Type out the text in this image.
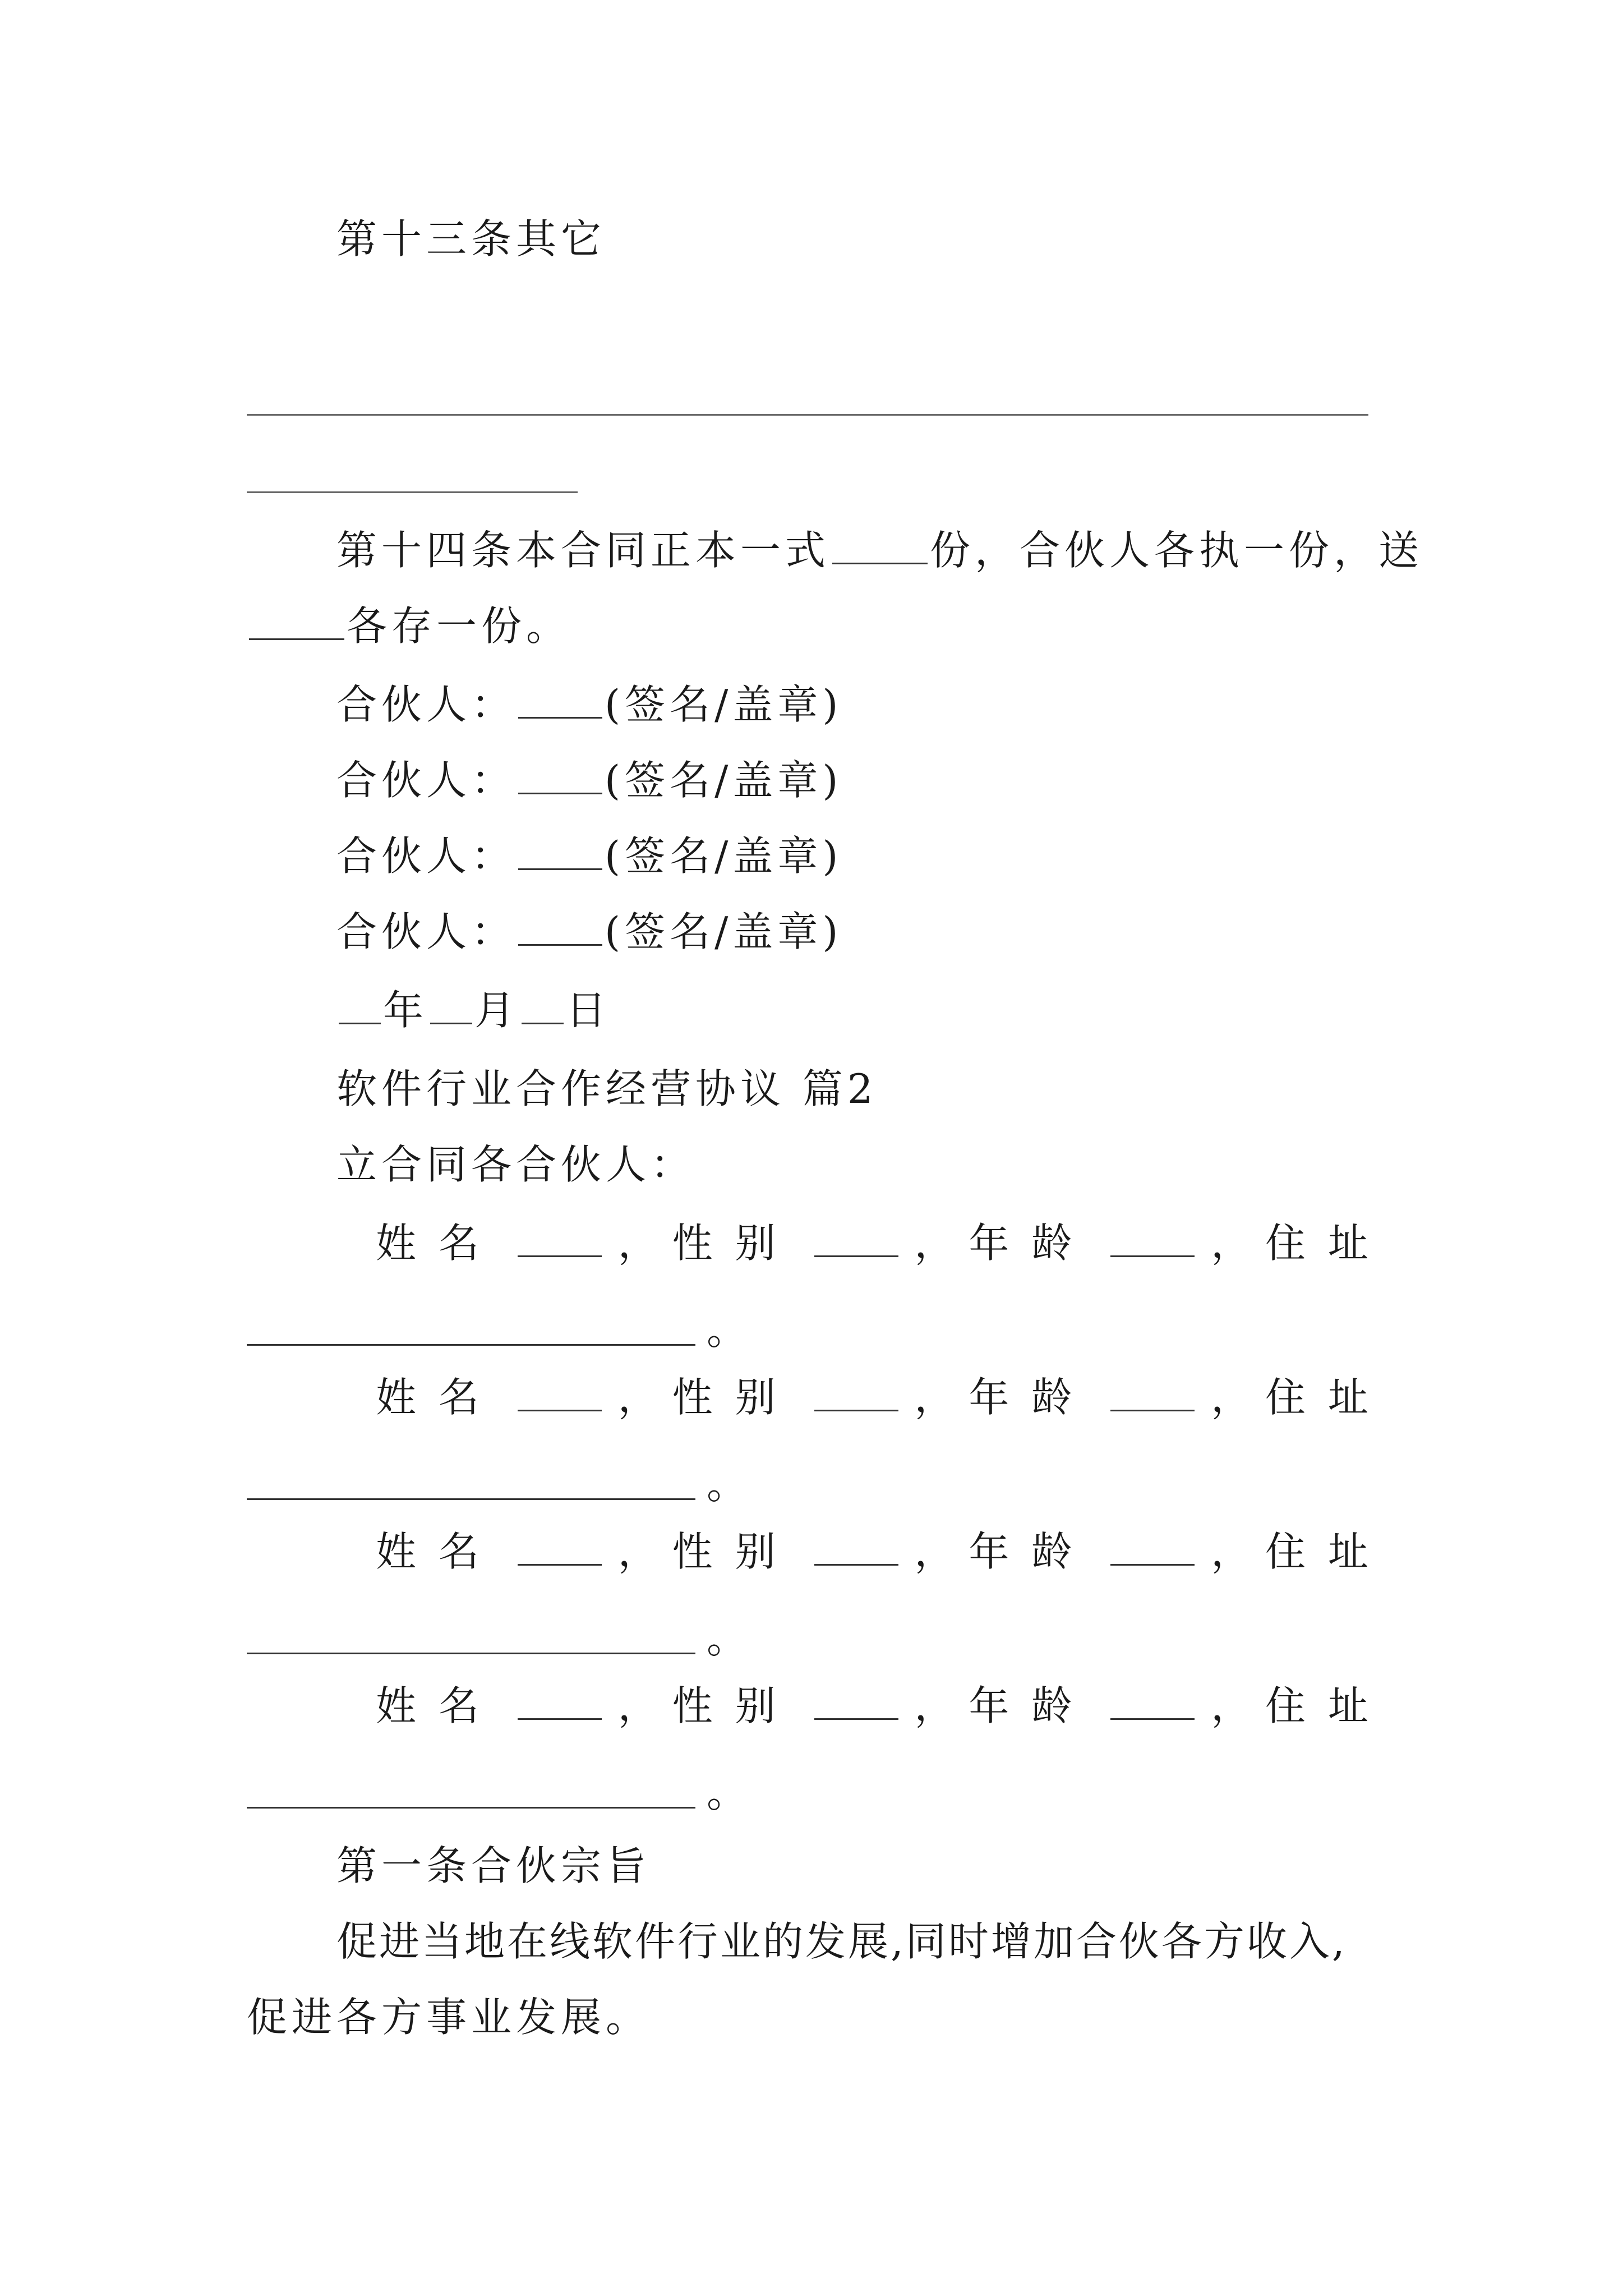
第十三条其它
第十四条本合同正本一式 份，合伙人各执一份，送
各存一份。
合伙人： (签名/盖章)
合伙人： (签名/盖章)
合伙人： (签名/盖章)
合伙人： (签名/盖章)
年 月 日
软件行业合作经营协议 篇2
立合同各合伙人：
姓名	， 性别	， 年龄	， 住址
。
姓名	， 性别	， 年龄	， 住址
。
姓名	， 性别	， 年龄	， 住址
。
姓名	， 性别	， 年龄	， 住址
。
第一条合伙宗旨
促进当地在线软件行业的发展,同时增加合伙各方收入,
促进各方事业发展。
